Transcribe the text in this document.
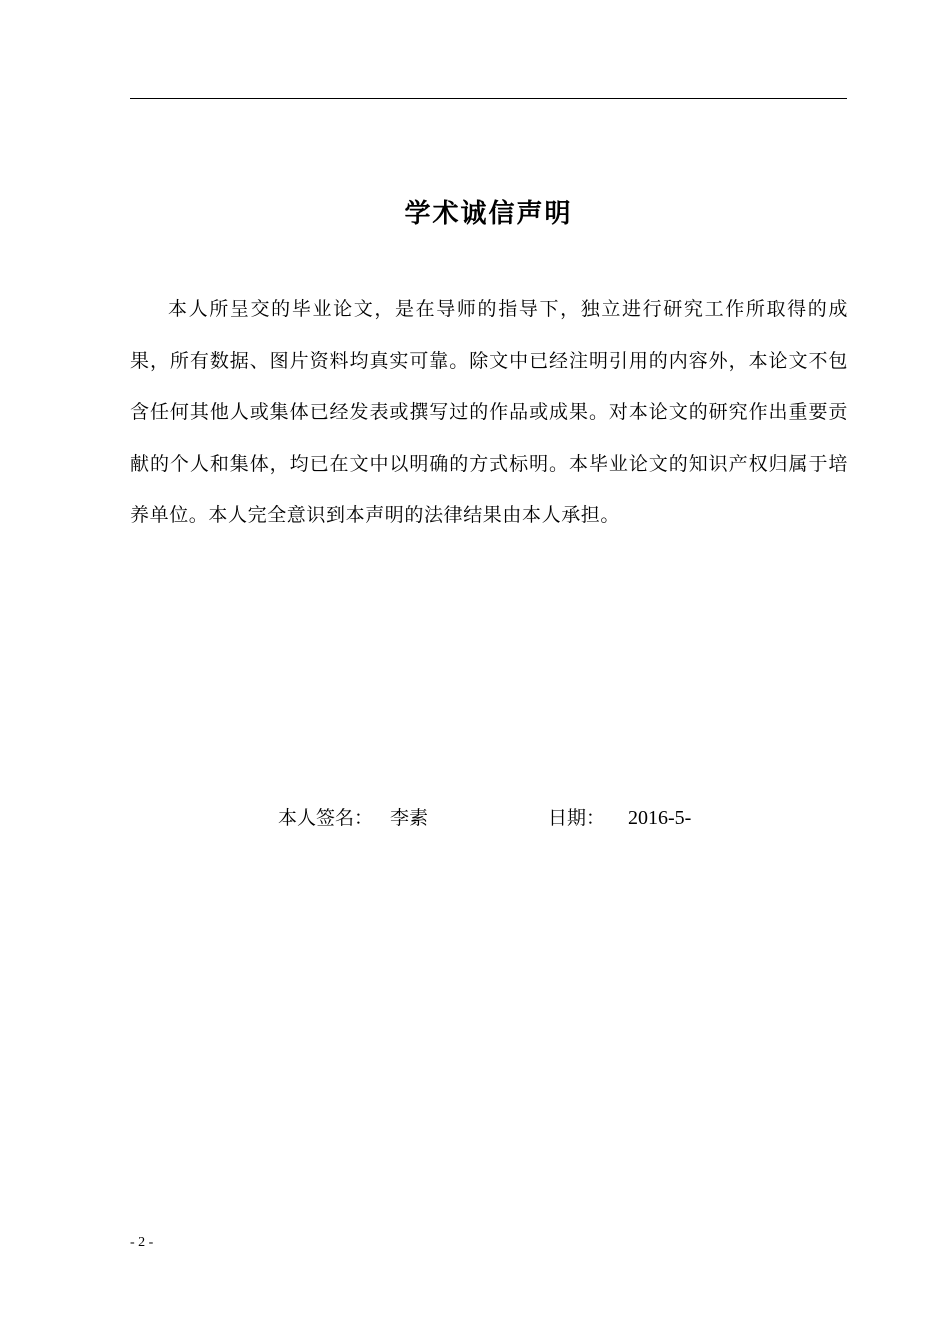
学术诚信声明

本人所呈交的毕业论文，是在导师的指导下，独立进行研究工作所取得的成果，所有数据、图片资料均真实可靠。除文中已经注明引用的内容外，本论文不包含任何其他人或集体已经发表或撰写过的作品或成果。对本论文的研究作出重要贡献的个人和集体，均已在文中以明确的方式标明。本毕业论文的知识产权归属于培养单位。本人完全意识到本声明的法律结果由本人承担。

本人签名： 李素	日期： 2016-5-
- 2 -
